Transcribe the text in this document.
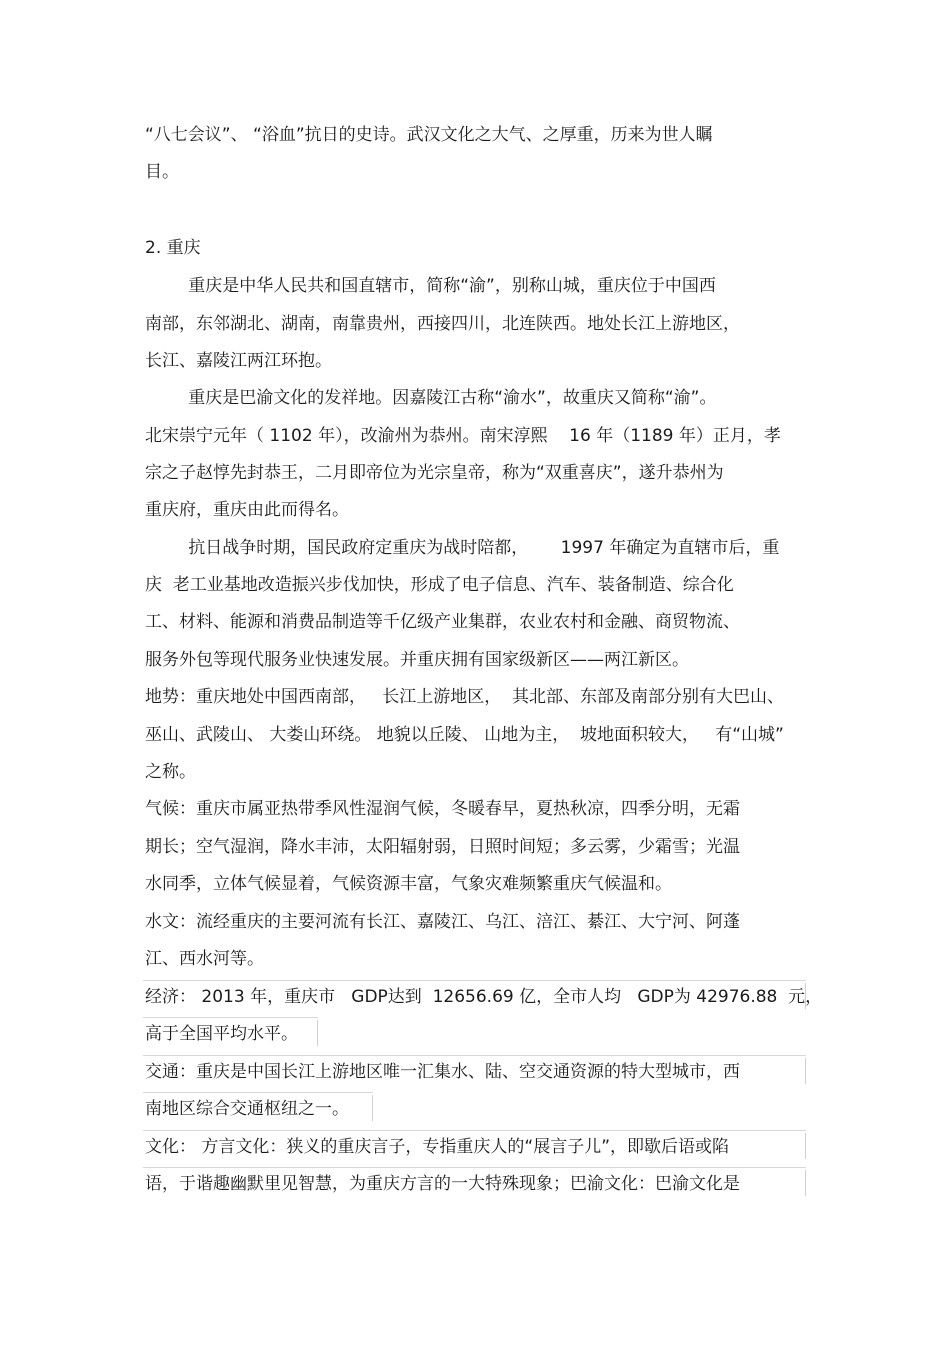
“八七会议”、 “浴血”抗日的史诗。武汉文化之大气、之厚重，历来为世人瞩
目。
2. 重庆
重庆是中华人民共和国直辖市，简称“渝”，别称山城，重庆位于中国西
南部，东邻湖北、湖南，南靠贵州，西接四川，北连陕西。地处长江上游地区，
长江、嘉陵江两江环抱。
重庆是巴渝文化的发祥地。因嘉陵江古称“渝水”，故重庆又简称“渝”。
北宋崇宁元年（ 1102 年），改渝州为恭州。南宋淳熙    16 年（1189 年）正月，孝
宗之子赵惇先封恭王，二月即帝位为光宗皇帝，称为“双重喜庆”，遂升恭州为
重庆府，重庆由此而得名。
抗日战争时期，国民政府定重庆为战时陪都，      1997 年确定为直辖市后，重
庆  老工业基地改造振兴步伐加快，形成了电子信息、汽车、装备制造、综合化
工、材料、能源和消费品制造等千亿级产业集群，农业农村和金融、商贸物流、
服务外包等现代服务业快速发展。并重庆拥有国家级新区——两江新区。
地势：重庆地处中国西南部，   长江上游地区，  其北部、东部及南部分别有大巴山、
巫山、武陵山、 大娄山环绕。 地貌以丘陵、 山地为主，  坡地面积较大，   有“山城”
之称。
气候：重庆市属亚热带季风性湿润气候，冬暖春早，夏热秋凉，四季分明，无霜
期长；空气湿润，降水丰沛，太阳辐射弱，日照时间短；多云雾，少霜雪；光温
水同季，立体气候显着，气候资源丰富，气象灾难频繁重庆气候温和。
水文：流经重庆的主要河流有长江、嘉陵江、乌江、涪江、綦江、大宁河、阿蓬
江、西水河等。
经济： 2013 年，重庆市   GDP达到  12656.69 亿，全市人均   GDP为 42976.88  元，
高于全国平均水平。
交通：重庆是中国长江上游地区唯一汇集水、陆、空交通资源的特大型城市，西
南地区综合交通枢纽之一。
文化： 方言文化：狭义的重庆言子，专指重庆人的“展言子儿”，即歇后语或陷
语，于谐趣幽默里见智慧，为重庆方言的一大特殊现象；巴渝文化：巴渝文化是
